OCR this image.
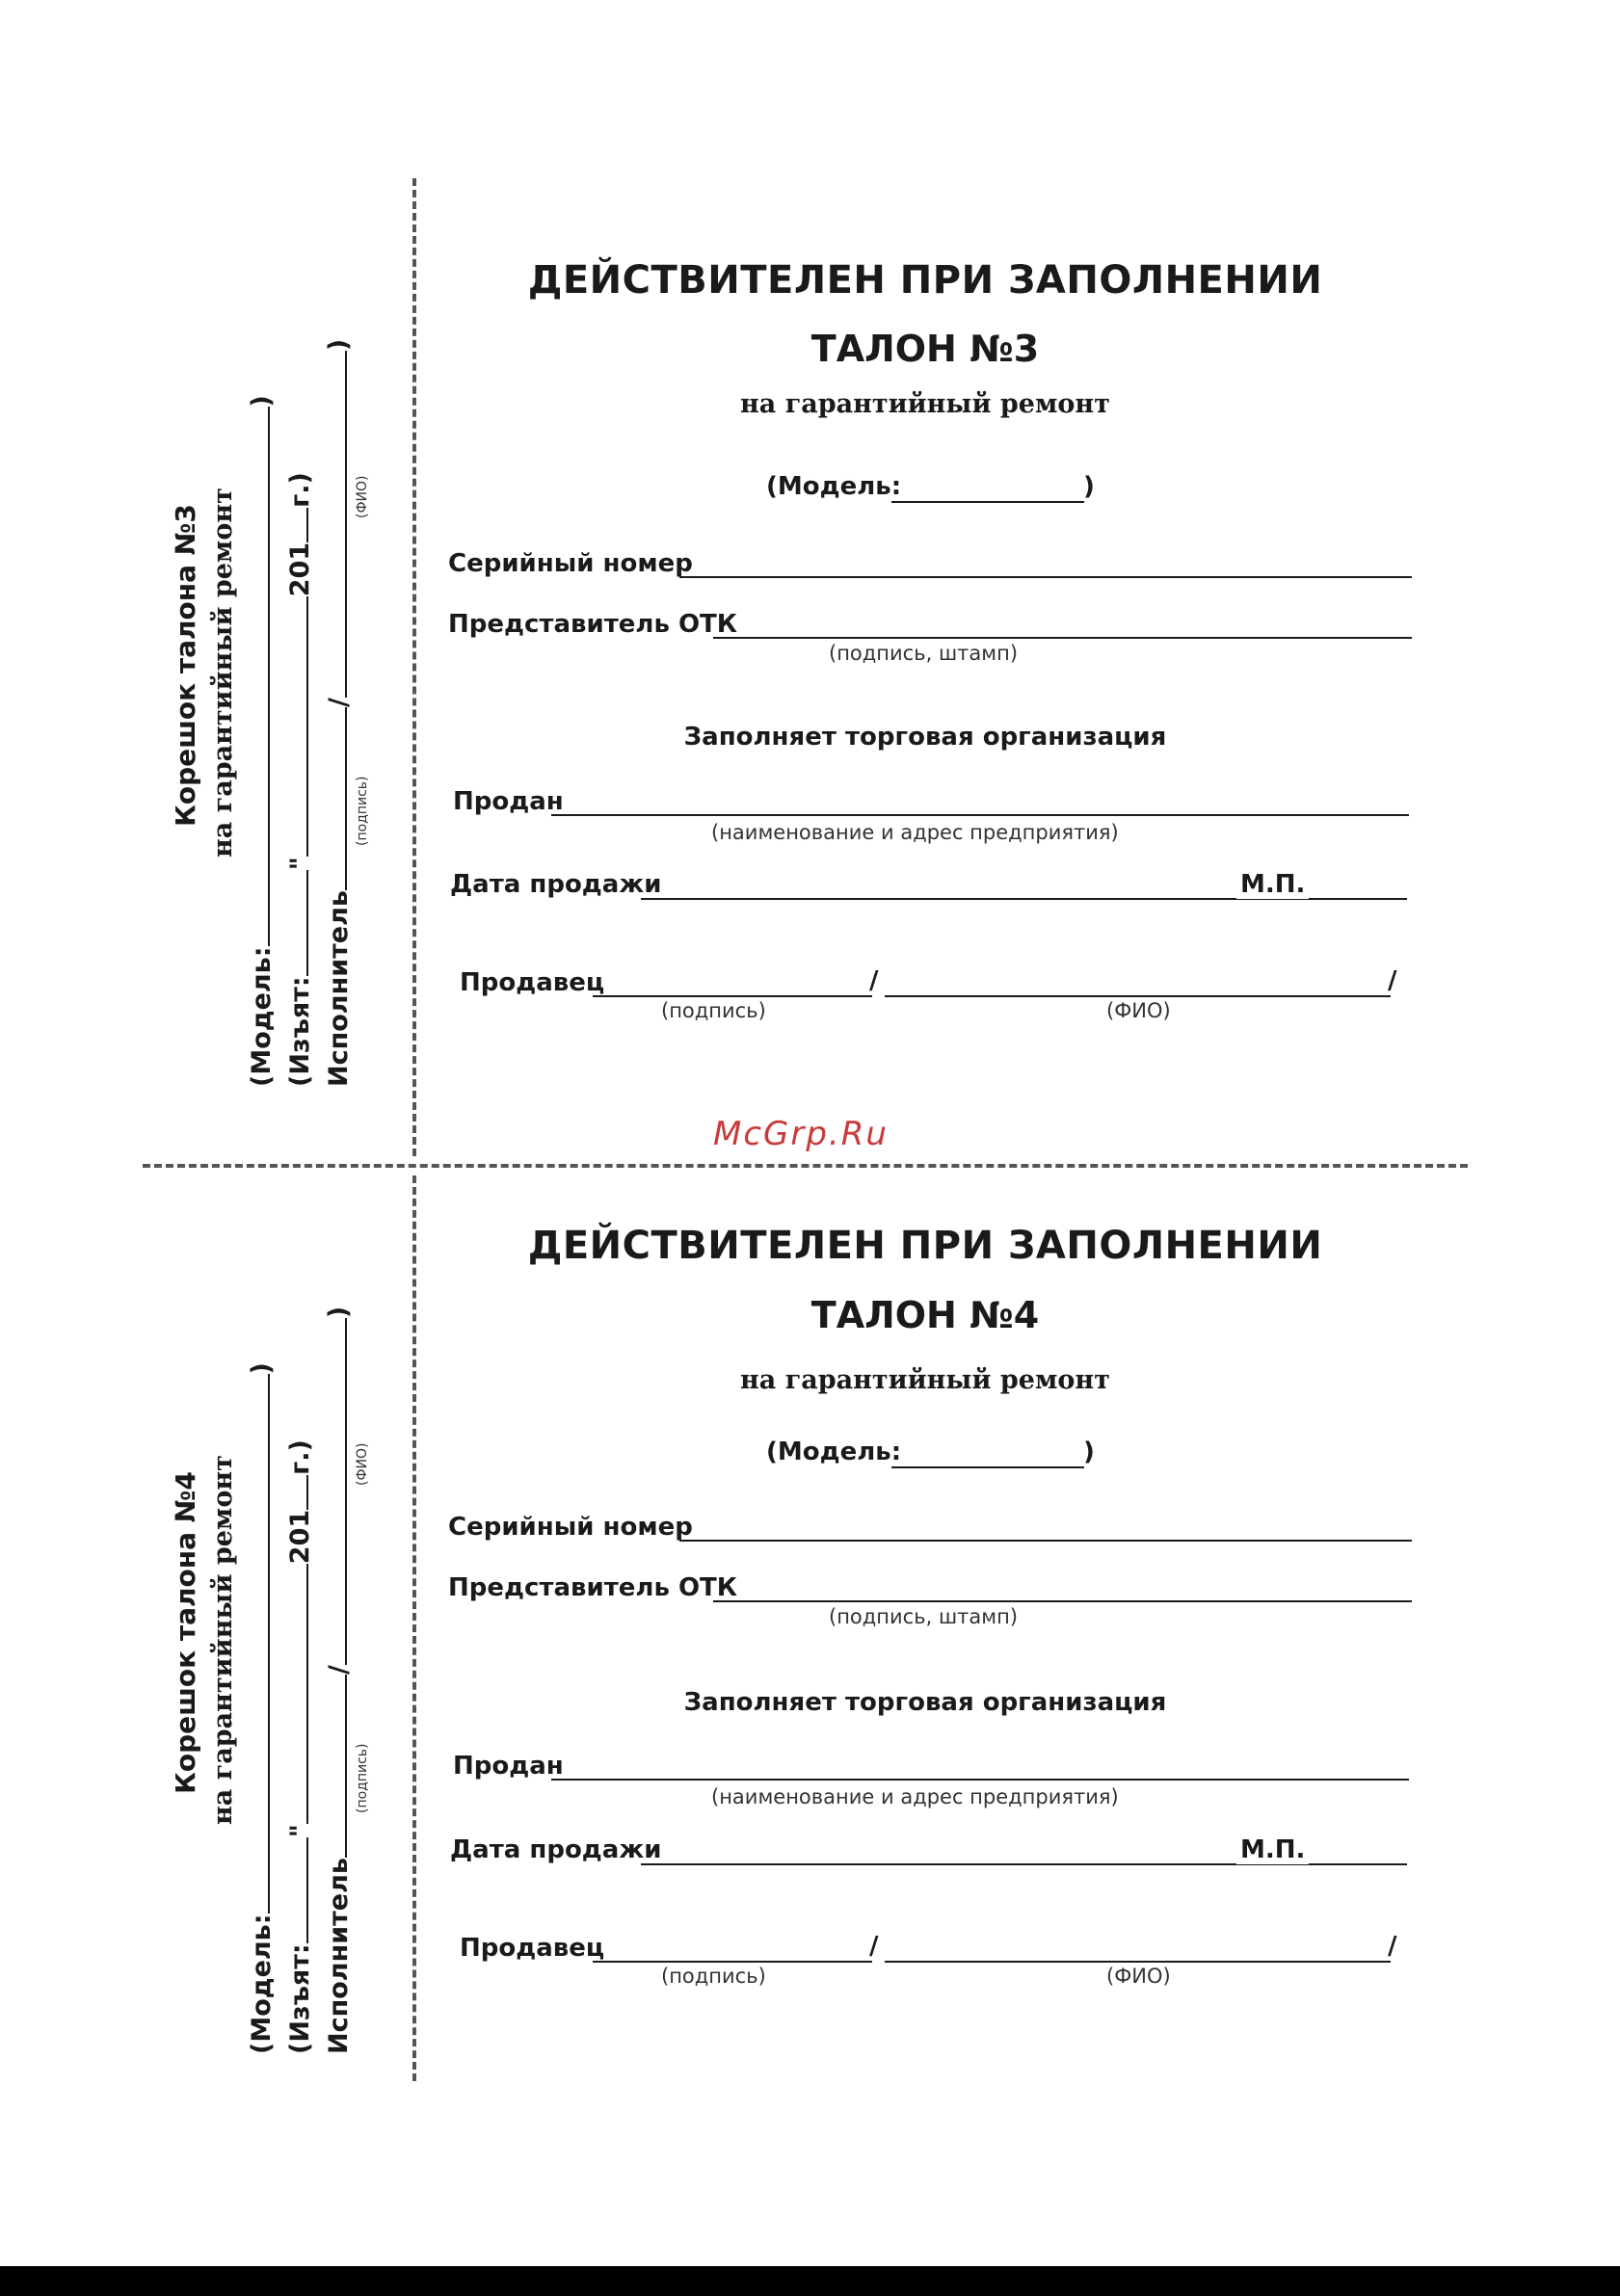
ДЕЙСТВИТЕЛЕН ПРИ ЗАПОЛНЕНИИ
ТАЛОН №3
на гарантийный ремонт
(Модель:	)
Серийный номер
Представитель ОТК
(подпись, штамп)
Заполняет торговая организация
Продан
(наименование и адрес предприятия)
Дата продажи	М.П.
Продавец	/	/
(подпись)	(ФИО)
Корешок талона №3 на гарантийный ремонт
(Модель:)
(Изъят:"201г.)
Исполнитель/)
(подпись)
(ФИО)
McGrp.Ru
ДЕЙСТВИТЕЛЕН ПРИ ЗАПОЛНЕНИИ
ТАЛОН №4
на гарантийный ремонт
(Модель:	)
Серийный номер
Представитель ОТК
(подпись, штамп)
Заполняет торговая организация
Продан
(наименование и адрес предприятия)
Дата продажи	М.П.
Продавец	/	/
(подпись)	(ФИО)
Корешок талона №4 на гарантийный ремонт
(Модель:)
(Изъят:"201г.)
Исполнитель/)
(подпись)
(ФИО)
